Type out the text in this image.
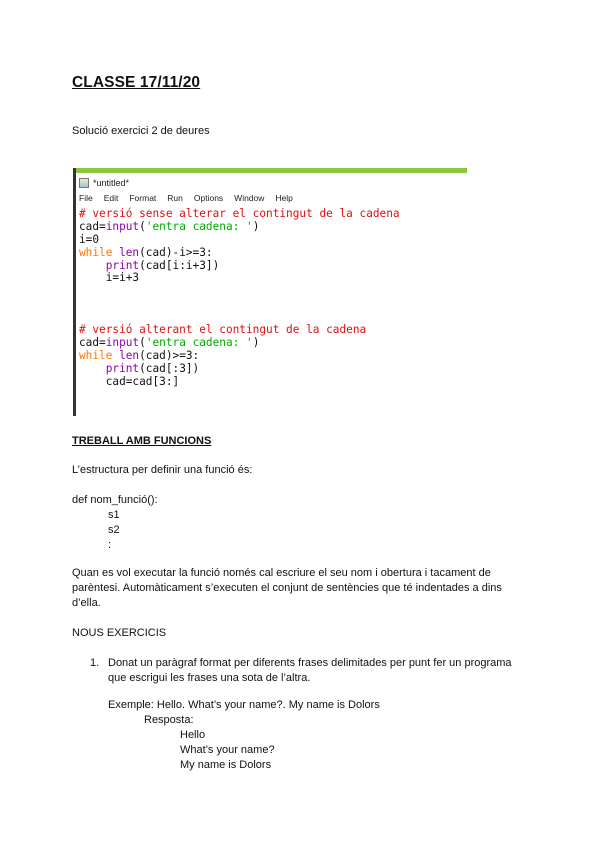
CLASSE 17/11/20
Solució exercici 2 de deures
*untitled*
File Edit Format Run Options Window Help
# versió sense alterar el contingut de la cadena
cad=input('entra cadena: ')
i=0
while len(cad)-i>=3:
print(cad[i:i+3])
i=i+3
# versió alterant el contingut de la cadena
cad=input('entra cadena: ')
while len(cad)>=3:
print(cad[:3])
cad=cad[3:]
TREBALL AMB FUNCIONS
L’estructura per definir una funció és:
def nom_funció():
s1
s2
:
Quan es vol executar la funció només cal escriure el seu nom i obertura i tacament de
parèntesi. Automàticament s’executen el conjunt de sentències que té indentades a dins
d’ella.
NOUS EXERCICIS
1. Donat un paràgraf format per diferents frases delimitades per punt fer un programa
que escrigui les frases una sota de l’altra.
Exemple: Hello. What’s your name?. My name is Dolors
Resposta:
Hello
What’s your name?
My name is Dolors
